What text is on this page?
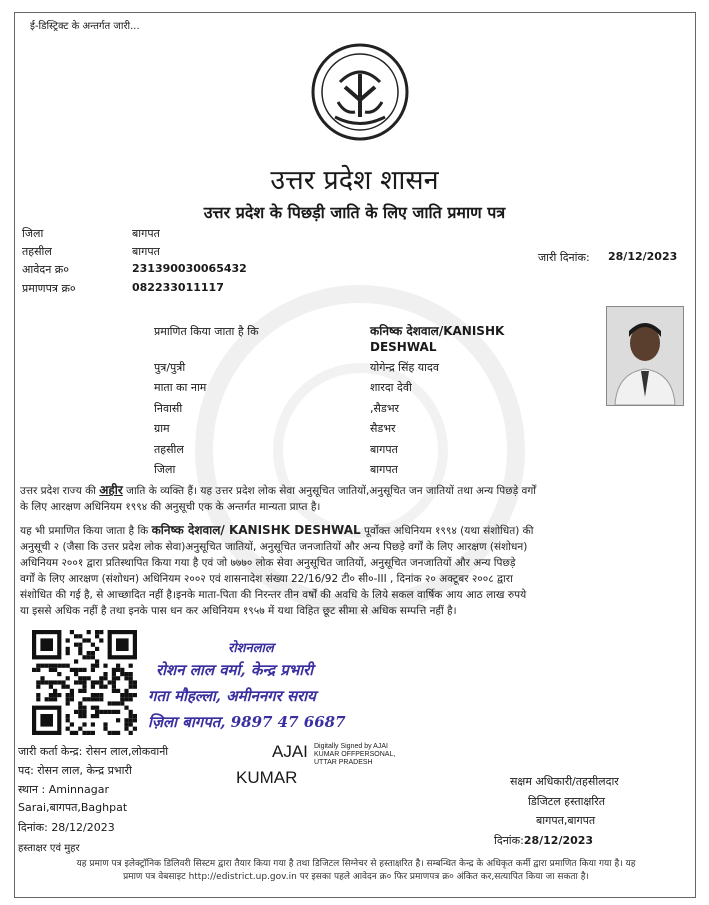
ई-डिस्ट्रिक्ट के अन्तर्गत जारी...
उत्तर प्रदेश शासन
उत्तर प्रदेश के पिछड़ी जाति के लिए जाति प्रमाण पत्र
जिला	बागपत
तहसील	बागपत
आवेदन क्र०	231390030065432
प्रमाणपत्र क्र०	082233011117
जारी दिनांक: 28/12/2023
प्रमाणित किया जाता है कि	कनिष्क देशवाल/KANISHK
DESHWAL
पुत्र/पुत्री	योगेन्द्र सिंह यादव
माता का नाम	शारदा देवी
निवासी	,सैडभर
ग्राम	सैडभर
तहसील	बागपत
जिला	बागपत
उत्तर प्रदेश राज्य की अहीर जाति के व्यक्ति हैं। यह उत्तर प्रदेश लोक सेवा अनुसूचित जातियों,अनुसूचित जन जातियों तथा अन्य पिछड़े वर्गों
के लिए आरक्षण अधिनियम १९९४ की अनुसूची एक के अन्तर्गत मान्यता प्राप्त है।
यह भी प्रमाणित किया जाता है कि कनिष्क देशवाल/ KANISHK DESHWAL पूर्वोक्त अधिनियम १९९४ (यथा संशोधित) की
अनुसूची २ (जैसा कि उत्तर प्रदेश लोक सेवा)अनुसूचित जातियों, अनुसूचित जनजातियों और अन्य पिछड़े वर्गों के लिए आरक्षण (संशोधन)
अधिनियम २००१ द्वारा प्रतिस्थापित किया गया है एवं जो ७७७० लोक सेवा अनुसूचित जातियों, अनुसूचित जनजातियों और अन्य पिछड़े
वर्गों के लिए आरक्षण (संशोधन) अधिनियम २००२ एवं शासनादेश संख्या 22/16/92 टी० सी०-III , दिनांक २० अक्टूबर २००८ द्वारा
संशोधित की गई है, से आच्छादित नहीं है।इनके माता-पिता की निरन्तर तीन वर्षों की अवधि के लिये सकल वार्षिक आय आठ लाख रुपये
या इससे अधिक नहीं है तथा इनके पास धन कर अधिनियम १९५७ में यथा विहित छूट सीमा से अधिक सम्पत्ति नहीं है।
रोशनलाल
रोशन लाल वर्मा, केन्द्र प्रभारी
गता मौहल्ला, अमीननगर सराय
ज़िला बागपत, 9897 47 6687
जारी कर्ता केन्द्र: रोसन लाल,लोकवानी
पद: रोसन लाल, केन्द्र प्रभारी
स्थान : Aminnagar
Sarai,बागपत,Baghpat
दिनांक: 28/12/2023
हस्ताक्षर एवं मुहर
AJAI
KUMAR
Digitally Signed by AJAI
KUMAR OFFPERSONAL,
UTTAR PRADESH
सक्षम अधिकारी/तहसीलदार
डिजिटल हस्ताक्षरित
बागपत,बागपत
दिनांक:28/12/2023
यह प्रमाण पत्र इलेक्ट्रॉनिक डिलिवरी सिस्टम द्वारा तैयार किया गया है तथा डिजिटल सिग्नेचर से हस्ताक्षरित है। सम्बन्धित केन्द्र के अधिकृत कर्मी द्वारा प्रमाणित किया गया है। यह
प्रमाण पत्र वेबसाइट http://edistrict.up.gov.in पर इसका पहले आवेदन क्र० फिर प्रमाणपत्र क्र० अंकित कर,सत्यापित किया जा सकता है।
